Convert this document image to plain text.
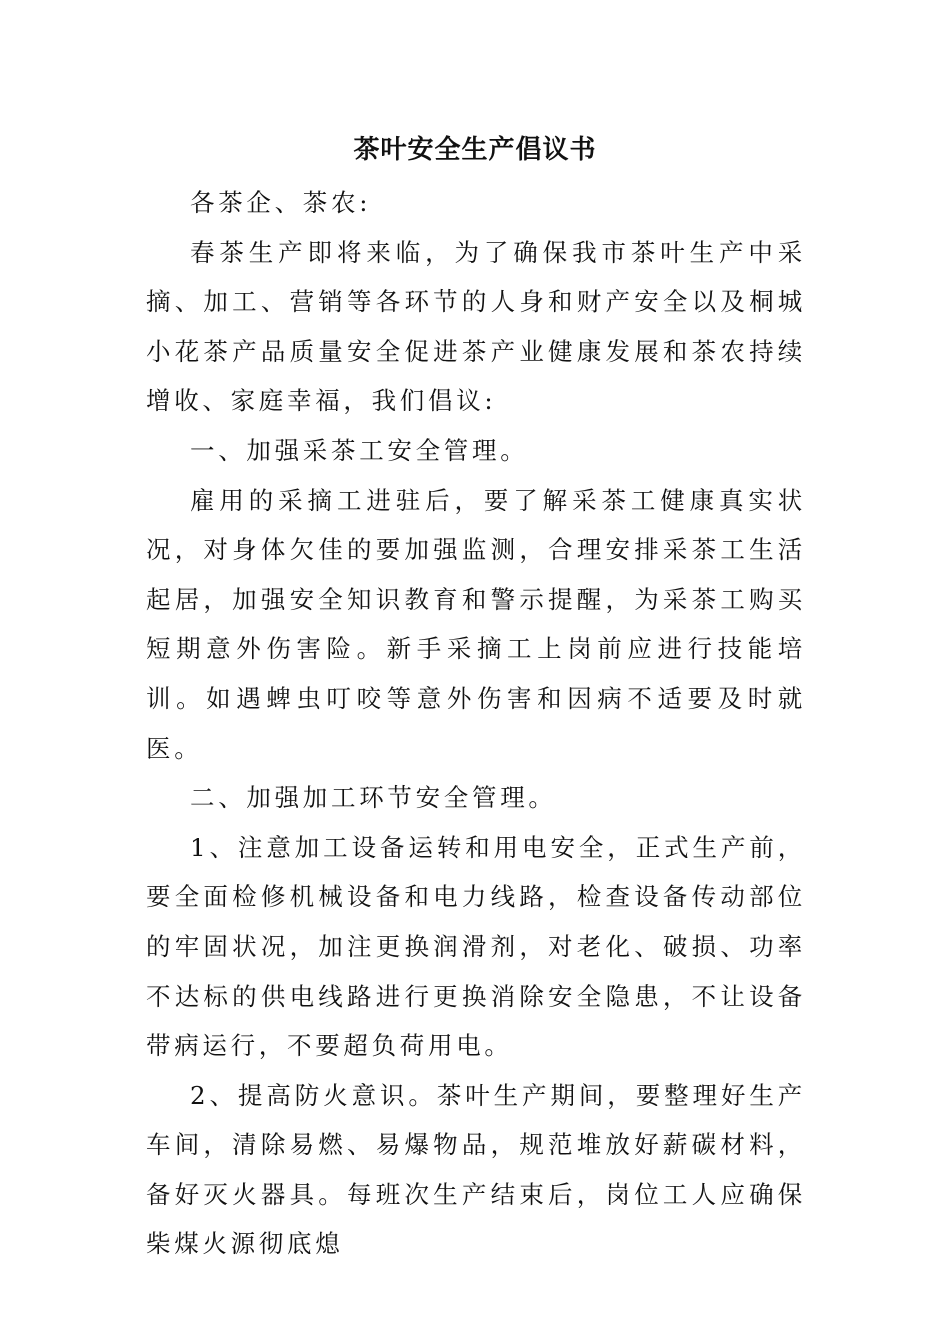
茶叶安全生产倡议书

各茶企、茶农:

春茶生产即将来临，为了确保我市茶叶生产中采摘、加工、营销等各环节的人身和财产安全以及桐城小花茶产品质量安全促进茶产业健康发展和茶农持续增收、家庭幸福，我们倡议:

一、加强采茶工安全管理。

雇用的采摘工进驻后，要了解采茶工健康真实状况，对身体欠佳的要加强监测，合理安排采茶工生活起居，加强安全知识教育和警示提醒，为采茶工购买短期意外伤害险。新手采摘工上岗前应进行技能培训。如遇蜱虫叮咬等意外伤害和因病不适要及时就医。

二、加强加工环节安全管理。

1、注意加工设备运转和用电安全，正式生产前，要全面检修机械设备和电力线路，检查设备传动部位的牢固状况，加注更换润滑剂，对老化、破损、功率不达标的供电线路进行更换消除安全隐患，不让设备带病运行，不要超负荷用电。

2、提高防火意识。茶叶生产期间，要整理好生产车间，清除易燃、易爆物品，规范堆放好薪碳材料，备好灭火器具。每班次生产结束后，岗位工人应确保柴煤火源彻底熄
